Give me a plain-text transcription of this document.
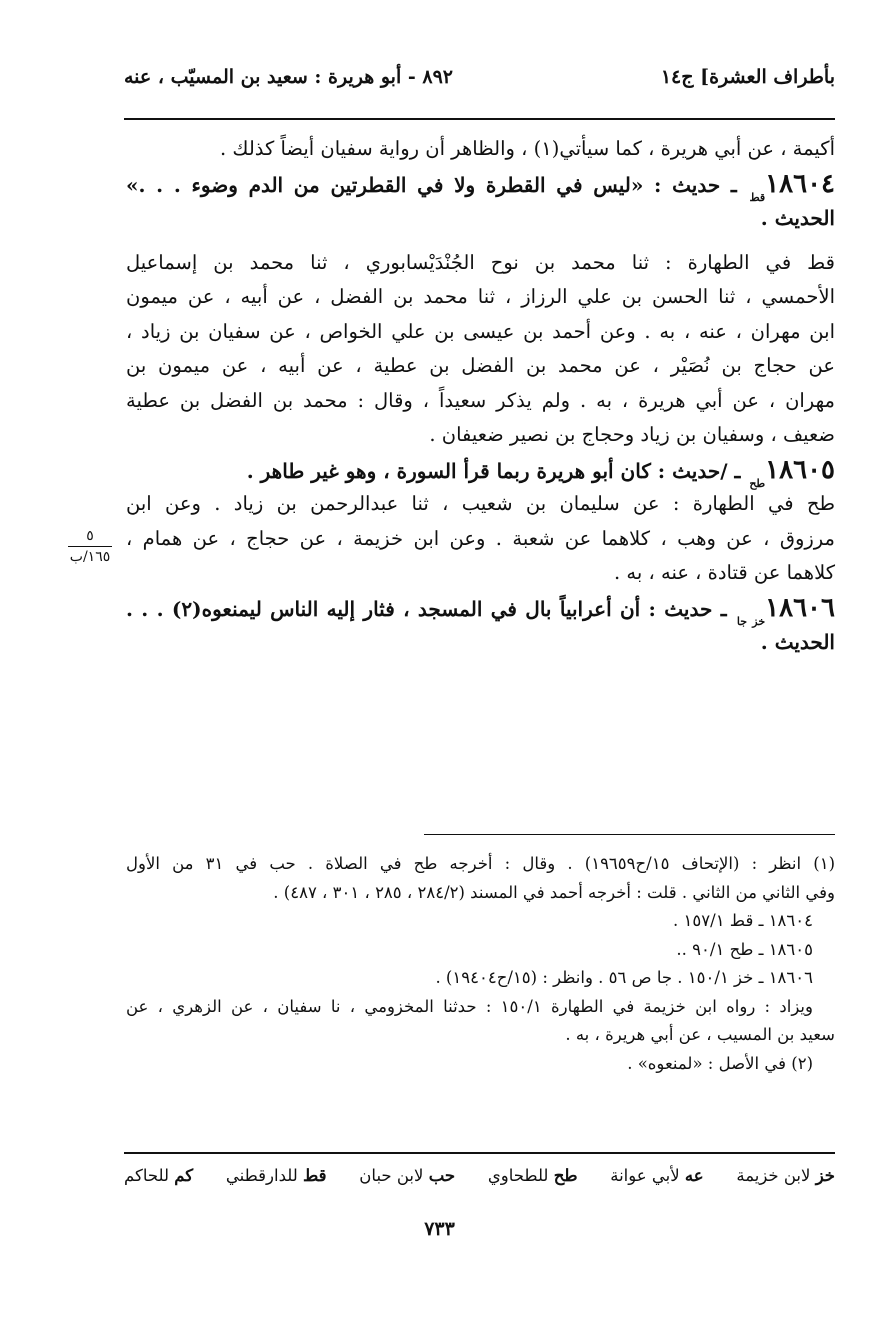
بأطراف العشرة] ج١٤
٨٩٢ - أبو هريرة : سعيد بن المسيّب ، عنه
أكيمة ، عن أبي هريرة ، كما سيأتي(١) ، والظاهر أن رواية سفيان أيضاً كذلك .
$١٨٦٠٤_{قط}$ ـ حديث : «ليس في القطرة ولا في القطرتين من الدم وضوء . . .»
الحديث .
قط في الطهارة : ثنا محمد بن نوح الجُنْدَيْسابوري ، ثنا محمد بن إسماعيل
الأحمسي ، ثنا الحسن بن علي الرزاز ، ثنا محمد بن الفضل ، عن أبيه ، عن ميمون
ابن مهران ، عنه ، به . وعن أحمد بن عيسى بن علي الخواص ، عن سفيان بن زياد ،
عن حجاج بن نُصَيْر ، عن محمد بن الفضل بن عطية ، عن أبيه ، عن ميمون بن
مهران ، عن أبي هريرة ، به . ولم يذكر سعيداً ، وقال : محمد بن الفضل بن عطية
ضعيف ، وسفيان بن زياد وحجاج بن نصير ضعيفان .
$١٨٦٠٥_{طح}$ ـ /حديث : كان أبو هريرة ربما قرأ السورة ، وهو غير طاهر .
طح في الطهارة : عن سليمان بن شعيب ، ثنا عبدالرحمن بن زياد . وعن ابن
مرزوق ، عن وهب ، كلاهما عن شعبة . وعن ابن خزيمة ، عن حجاج ، عن همام ،
كلاهما عن قتادة ، عنه ، به .
$١٨٦٠٦_{خز جا}$ ـ حديث : أن أعرابياً بال في المسجد ، فثار إليه الناس ليمنعوه(٢) . . .
الحديث .
٥
١٦٥/ب
(١) انظر : (الإتحاف ١٥/ح١٩٦٥٩) . وقال : أخرجه طح في الصلاة . حب في ٣١ من الأول
وفي الثاني من الثاني . قلت : أخرجه أحمد في المسند (٢٨٤/٢ ، ٢٨٥ ، ٣٠١ ، ٤٨٧) .
١٨٦٠٤ ـ قط ١٥٧/١ .
١٨٦٠٥ ـ طح ٩٠/١ ..
١٨٦٠٦ ـ خز ١٥٠/١ . جا ص ٥٦ . وانظر : (١٥/ح١٩٤٠٤) .
ويزاد : رواه ابن خزيمة في الطهارة ١٥٠/١ : حدثنا المخزومي ، نا سفيان ، عن الزهري ، عن
سعيد بن المسيب ، عن أبي هريرة ، به .
(٢) في الأصل : «لمنعوه» .
خز لابن خزيمة
عه لأبي عوانة
طح للطحاوي
حب لابن حبان
قط للدارقطني
كم للحاكم
٧٣٣
